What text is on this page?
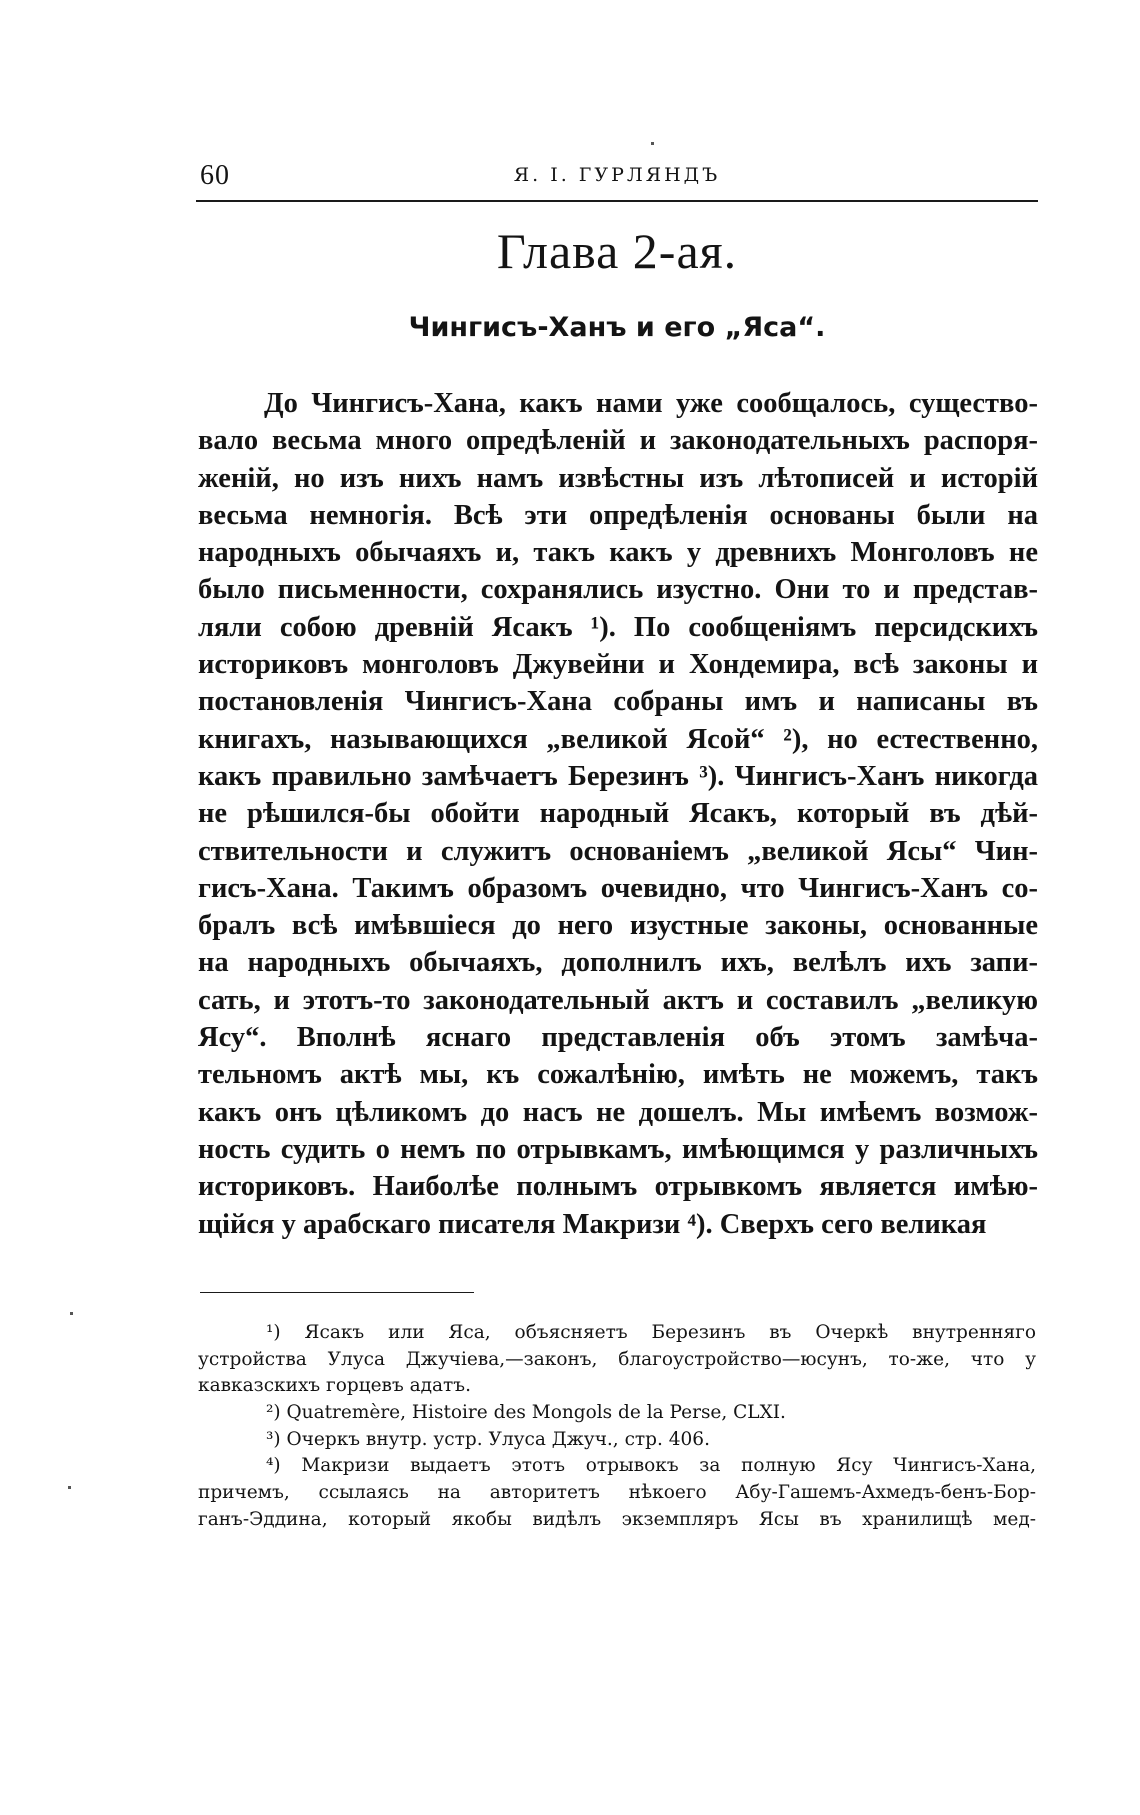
60	Я. I. ГУРЛЯНДЪ
Глава 2-ая.
Чингисъ-Ханъ и его „Яса“.
До Чингисъ-Хана, какъ нами уже сообщалось, существо-
вало весьма много опредѣленій и законодательныхъ распоря-
женій, но изъ нихъ намъ извѣстны изъ лѣтописей и исторій
весьма немногія. Всѣ эти опредѣленія основаны были на
народныхъ обычаяхъ и, такъ какъ у древнихъ Монголовъ не
было письменности, сохранялись изустно. Они то и представ-
ляли собою древній Ясакъ ¹). По сообщеніямъ персидскихъ
историковъ монголовъ Джувейни и Хондемира, всѣ законы и
постановленія Чингисъ-Хана собраны имъ и написаны въ
книгахъ, называющихся „великой Ясой“ ²), но естественно,
какъ правильно замѣчаетъ Березинъ ³). Чингисъ-Ханъ никогда
не рѣшился-бы обойти народный Ясакъ, который въ дѣй-
ствительности и служитъ основаніемъ „великой Ясы“ Чин-
гисъ-Хана. Такимъ образомъ очевидно, что Чингисъ-Ханъ со-
бралъ всѣ имѣвшіеся до него изустные законы, основанные
на народныхъ обычаяхъ, дополнилъ ихъ, велѣлъ ихъ запи-
сать, и этотъ-то законодательный актъ и составилъ „великую
Ясу“. Вполнѣ яснаго представленія объ этомъ замѣча-
тельномъ актѣ мы, къ сожалѣнію, имѣть не можемъ, такъ
какъ онъ цѣликомъ до насъ не дошелъ. Мы имѣемъ возмож-
ность судить о немъ по отрывкамъ, имѣющимся у различныхъ
историковъ. Наиболѣе полнымъ отрывкомъ является имѣю-
щійся у арабскаго писателя Макризи ⁴). Сверхъ сего великая
¹) Ясакъ или Яса, объясняетъ Березинъ въ Очеркѣ внутренняго
устройства Улуса Джучіева,—законъ, благоустройство—юсунъ, то-же, что у
кавказскихъ горцевъ адатъ.
²) Quatremère, Histoire des Mongols de la Perse, CLXI.
³) Очеркъ внутр. устр. Улуса Джуч., стр. 406.
⁴) Макризи выдаетъ этотъ отрывокъ за полную Ясу Чингисъ-Хана,
причемъ, ссылаясь на авторитетъ нѣкоего Абу-Гашемъ-Ахмедъ-бенъ-Бор-
ганъ-Эддина, который якобы видѣлъ экземпляръ Ясы въ хранилищѣ мед-
